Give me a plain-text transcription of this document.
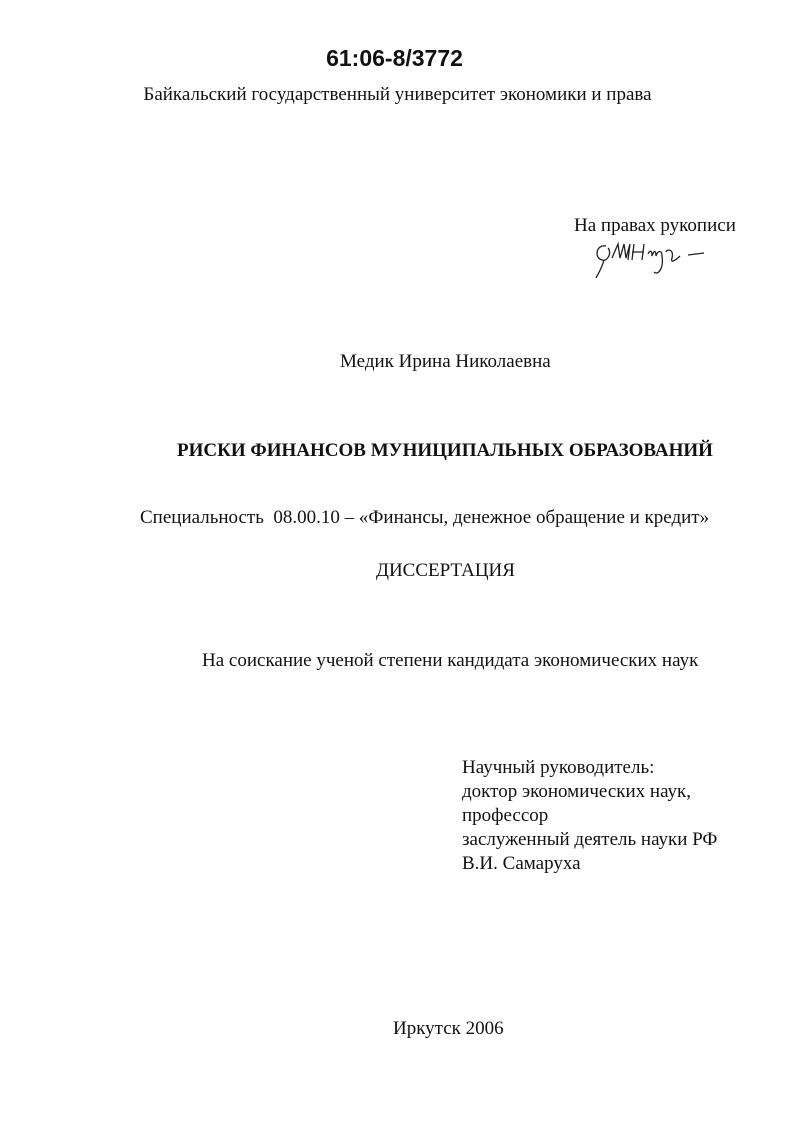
61:06-8/3772
Байкальский государственный университет экономики и права
На правах рукописи
Медик Ирина Николаевна
РИСКИ ФИНАНСОВ МУНИЦИПАЛЬНЫХ ОБРАЗОВАНИЙ
Специальность  08.00.10 – «Финансы, денежное обращение и кредит»
ДИССЕРТАЦИЯ
На соискание ученой степени кандидата экономических наук
Научный руководитель:
доктор экономических наук,
профессор
заслуженный деятель науки РФ
В.И. Самаруха
Иркутск 2006
